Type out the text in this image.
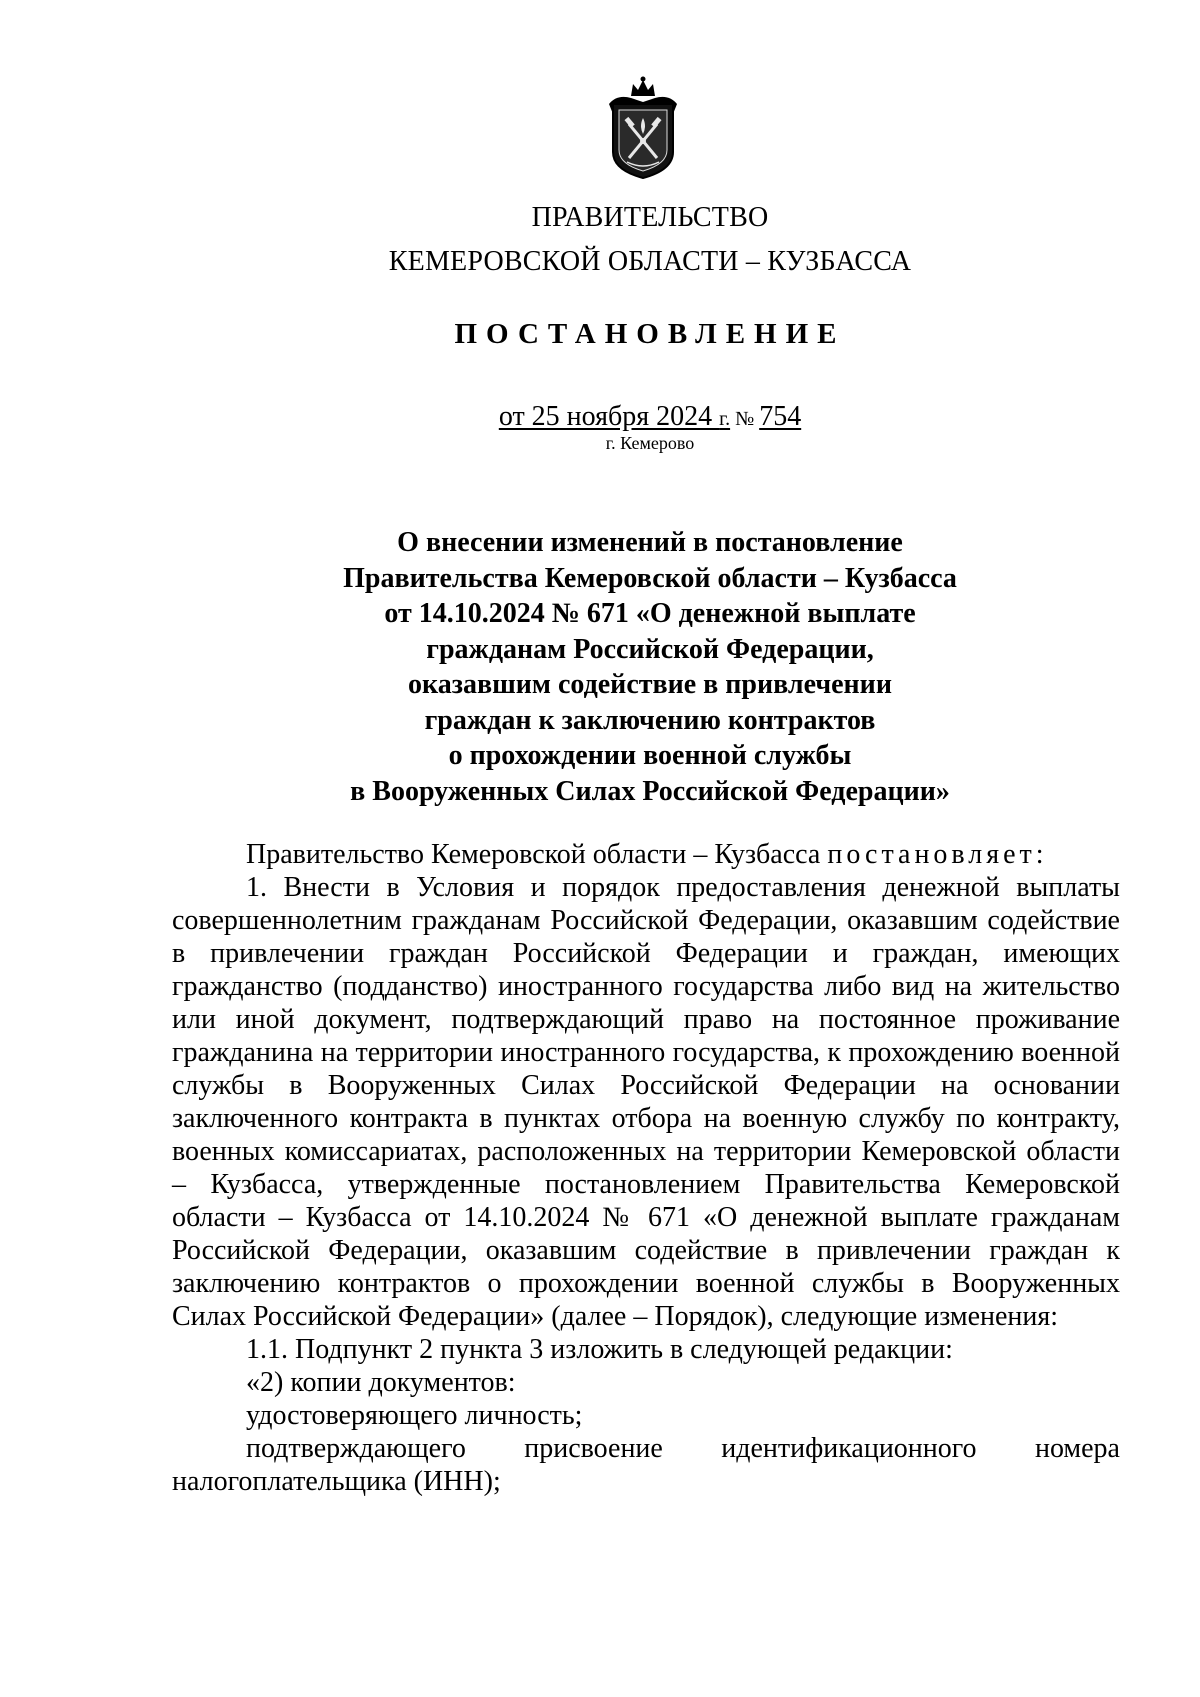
ПРАВИТЕЛЬСТВО
КЕМЕРОВСКОЙ ОБЛАСТИ – КУЗБАССА
ПОСТАНОВЛЕНИЕ
от 25 ноября 2024 г. № 754
г. Кемерово
О внесении изменений в постановление
Правительства Кемеровской области – Кузбасса
от 14.10.2024 № 671 «О денежной выплате
гражданам Российской Федерации,
оказавшим содействие в привлечении
граждан к заключению контрактов
о прохождении военной службы
в Вооруженных Силах Российской Федерации»

Правительство Кемеровской области – Кузбасса постановляет:

1. Внести в Условия и порядок предоставления денежной выплаты совершеннолетним гражданам Российской Федерации, оказавшим содействие в привлечении граждан Российской Федерации и граждан, имеющих гражданство (подданство) иностранного государства либо вид на жительство или иной документ, подтверждающий право на постоянное проживание гражданина на территории иностранного государства, к прохождению военной службы в Вооруженных Силах Российской Федерации на основании заключенного контракта в пунктах отбора на военную службу по контракту, военных комиссариатах, расположенных на территории Кемеровской области – Кузбасса, утвержденные постановлением Правительства Кемеровской области – Кузбасса от 14.10.2024 № 671 «О денежной выплате гражданам Российской Федерации, оказавшим содействие в привлечении граждан к заключению контрактов о прохождении военной службы в Вооруженных Силах Российской Федерации» (далее – Порядок), следующие изменения:

1.1. Подпункт 2 пункта 3 изложить в следующей редакции:

«2) копии документов:

удостоверяющего личность;

подтверждающего присвоение идентификационного номера

налогоплательщика (ИНН);
